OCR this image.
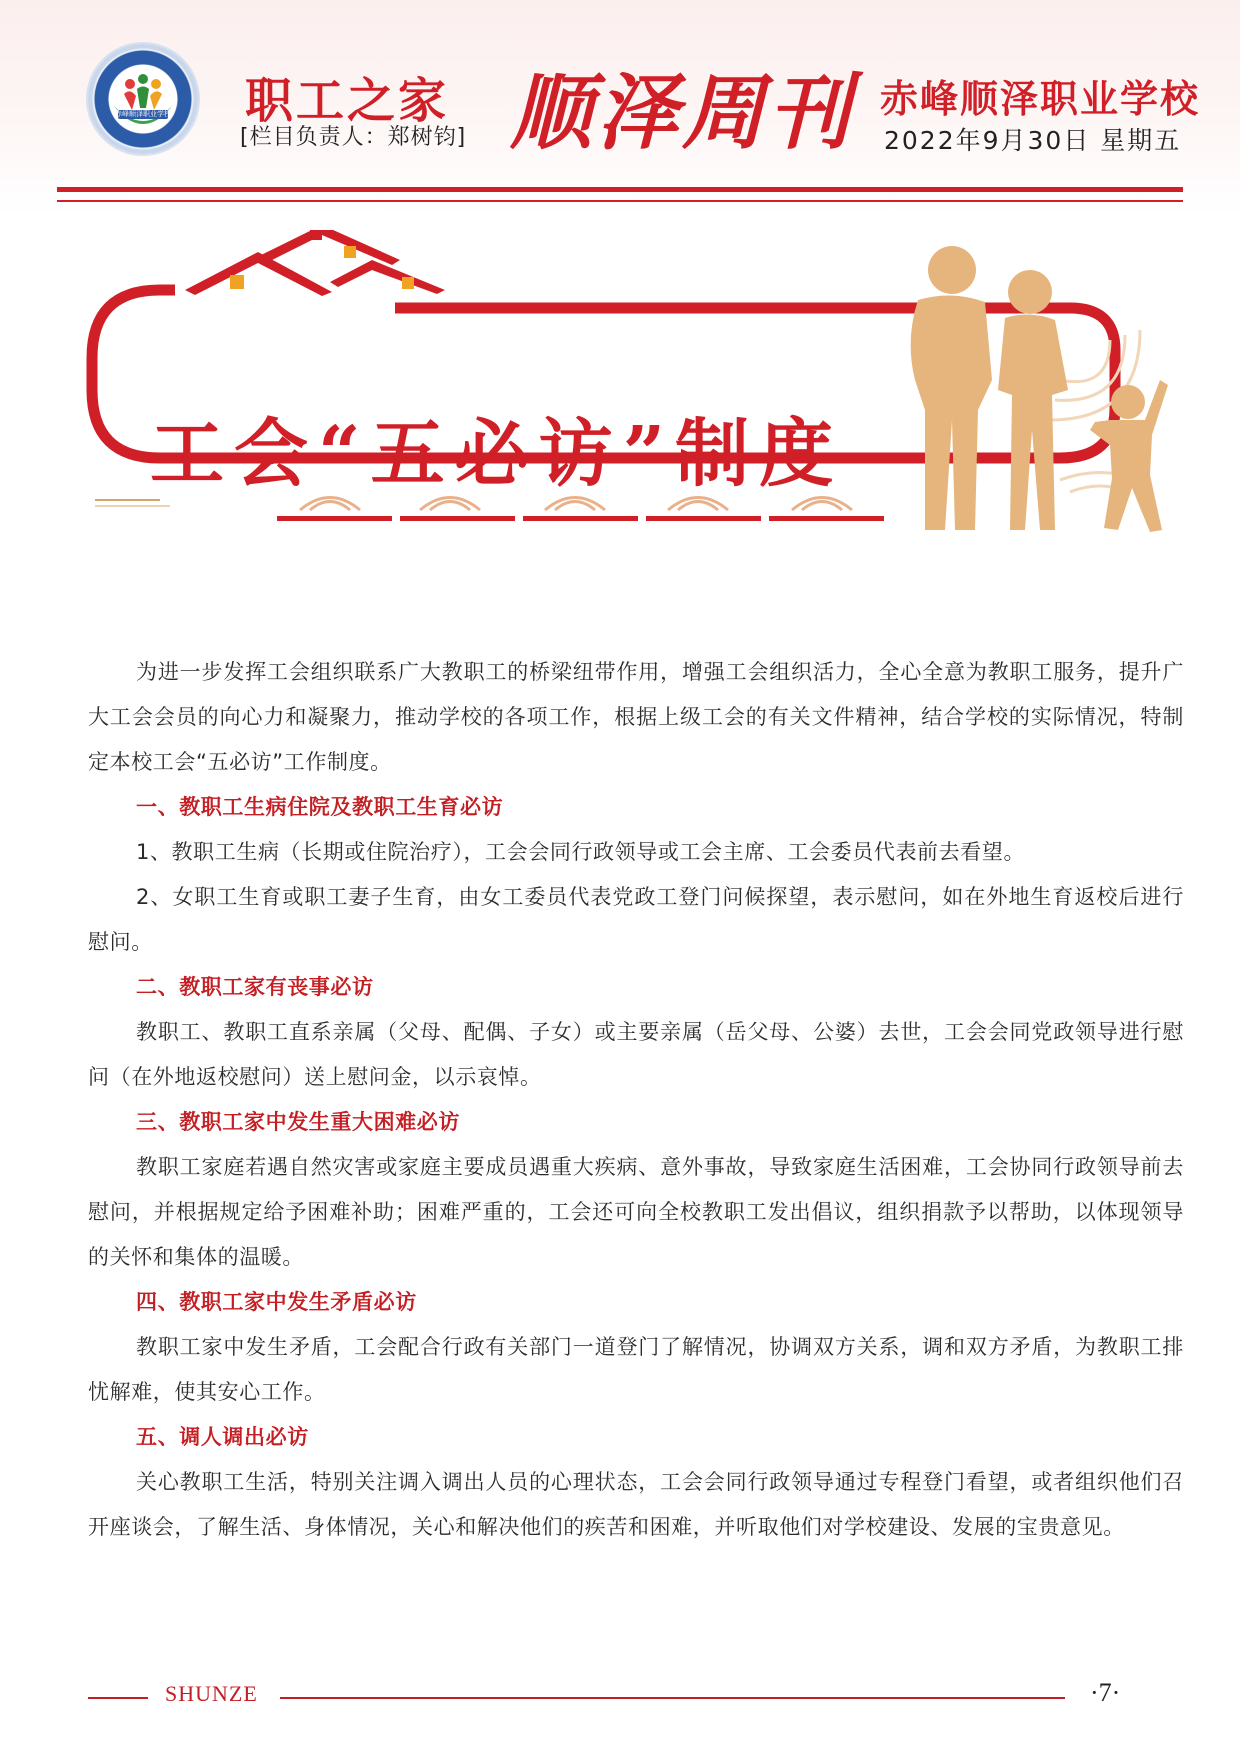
赤峰顺泽职业学校 职工之家
[栏目负责人：郑树钧] 顺泽周刊 赤峰顺泽职业学校
2022年9月30日 星期五
工会“五必访”制度

为进一步发挥工会组织联系广大教职工的桥梁纽带作用，增强工会组织活力，全心全意为教职工服务，提升广大工会会员的向心力和凝聚力，推动学校的各项工作，根据上级工会的有关文件精神，结合学校的实际情况，特制定本校工会“五必访”工作制度。

一、教职工生病住院及教职工生育必访

1、教职工生病（长期或住院治疗），工会会同行政领导或工会主席、工会委员代表前去看望。

2、女职工生育或职工妻子生育，由女工委员代表党政工登门问候探望，表示慰问，如在外地生育返校后进行慰问。

二、教职工家有丧事必访

教职工、教职工直系亲属（父母、配偶、子女）或主要亲属（岳父母、公婆）去世，工会会同党政领导进行慰问（在外地返校慰问）送上慰问金，以示哀悼。

三、教职工家中发生重大困难必访

教职工家庭若遇自然灾害或家庭主要成员遇重大疾病、意外事故，导致家庭生活困难，工会协同行政领导前去慰问，并根据规定给予困难补助；困难严重的，工会还可向全校教职工发出倡议，组织捐款予以帮助，以体现领导的关怀和集体的温暖。

四、教职工家中发生矛盾必访

教职工家中发生矛盾，工会配合行政有关部门一道登门了解情况，协调双方关系，调和双方矛盾，为教职工排忧解难，使其安心工作。

五、调人调出必访

关心教职工生活，特别关注调入调出人员的心理状态，工会会同行政领导通过专程登门看望，或者组织他们召开座谈会，了解生活、身体情况，关心和解决他们的疾苦和困难，并听取他们对学校建设、发展的宝贵意见。

SHUNZE	·7·
